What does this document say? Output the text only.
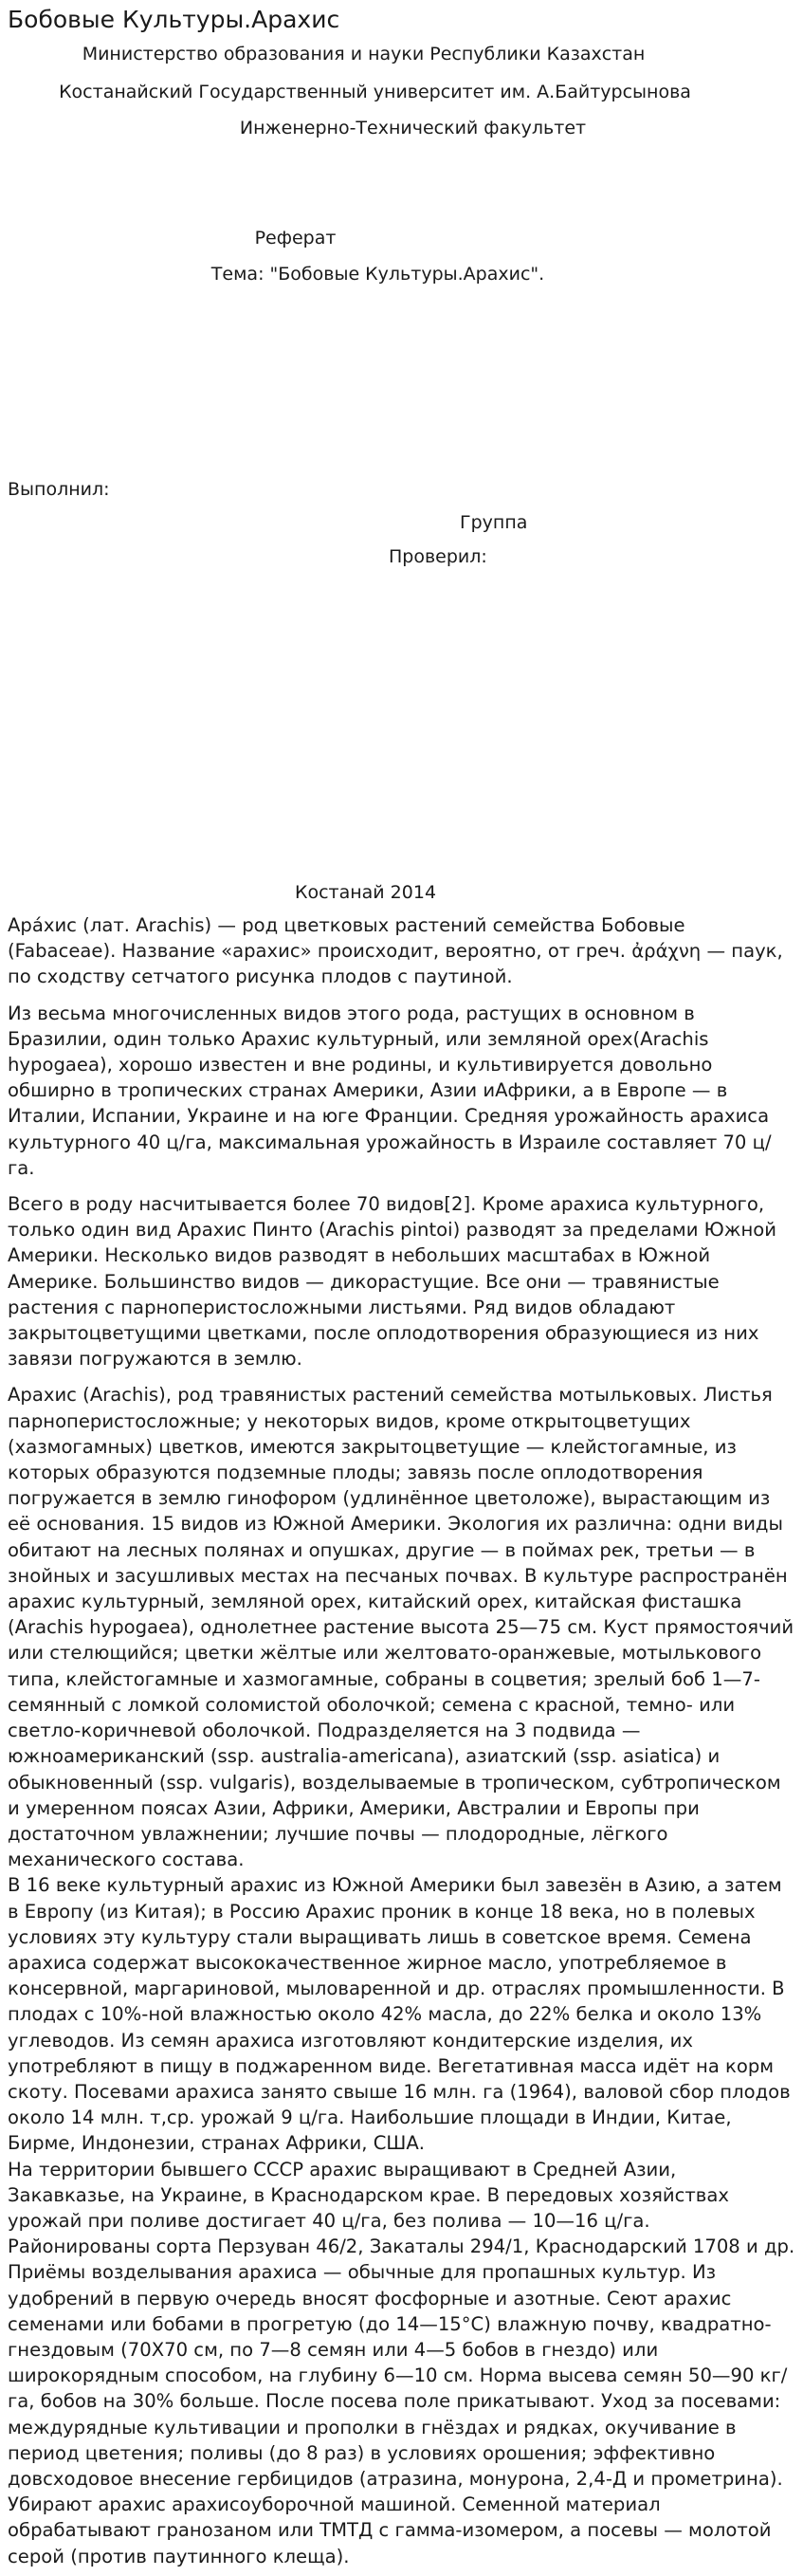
Бобовые Культуры.Арахис

Министерство образования и науки Республики Казахстан

Костанайский Государственный университет им. А.Байтурсынова

Инженерно-Технический факультет

Реферат

Тема: "Бобовые Культуры.Арахис".

Выполнил:

Группа

Проверил:

Костанай 2014

Ара́хис (лат. Arachis) — род цветковых растений семейства Бобовые (Fabaceae). Название «арахис» происходит, вероятно, от греч. ἀράχνη — паук, по сходству сетчатого рисунка плодов с паутиной.

Из весьма многочисленных видов этого рода, растущих в основном в Бразилии, один только Арахис культурный, или земляной орех(Arachis hypogaea), хорошо известен и вне родины, и культивируется довольно обширно в тропических странах Америки, Азии иАфрики, а в Европе — в Италии, Испании, Украине и на юге Франции. Средняя урожайность арахиса культурного 40 ц/га, максимальная урожайность в Израиле составляет 70 ц/га.

Всего в роду насчитывается более 70 видов[2]. Кроме арахиса культурного, только один вид Арахис Пинто (Arachis pintoi) разводят за пределами Южной Америки. Несколько видов разводят в небольших масштабах в Южной Америке. Большинство видов — дикорастущие. Все они — травянистые растения с парноперистосложными листьями. Ряд видов обладают закрытоцветущими цветками, после оплодотворения образующиеся из них завязи погружаются в землю.

Арахис (Arachis), род травянистых растений семейства мотыльковых. Листья парноперистосложные; у некоторых видов, кроме открытоцветущих (хазмогамных) цветков, имеются закрытоцветущие — клейстогамные, из которых образуются подземные плоды; завязь после оплодотворения погружается в землю гинофором (удлинённое цветоложе), вырастающим из её основания. 15 видов из Южной Америки. Экология их различна: одни виды обитают на лесных полянах и опушках, другие — в поймах рек, третьи — в знойных и засушливых местах на песчаных почвах. В культуре распространён арахис культурный, земляной орех, китайский орех, китайская фисташка (Arachis hypogaea), однолетнее растение высота 25—75 см. Куст прямостоячий или стелющийся; цветки жёлтые или желтовато-оранжевые, мотылькового типа, клейстогамные и хазмогамные, собраны в соцветия; зрелый боб 1—7-семянный с ломкой соломистой оболочкой; семена с красной, темно- или светло-коричневой оболочкой. Подразделяется на 3 подвида — южноамериканский (ssp. australia-americana), азиатский (ssp. asiatica) и обыкновенный (ssp. vulgaris), возделываемые в тропическом, субтропическом и умеренном поясах Азии, Африки, Америки, Австралии и Европы при достаточном увлажнении; лучшие почвы — плодородные, лёгкого механического состава.

В 16 веке культурный арахис из Южной Америки был завезён в Азию, а затем в Европу (из Китая); в Россию Арахис проник в конце 18 века, но в полевых условиях эту культуру стали выращивать лишь в советское время. Семена арахиса содержат высококачественное жирное масло, употребляемое в консервной, маргариновой, мыловаренной и др. отраслях промышленности. В плодах с 10%-ной влажностью около 42% масла, до 22% белка и около 13% углеводов. Из семян арахиса изготовляют кондитерские изделия, их употребляют в пищу в поджаренном виде. Вегетативная масса идёт на корм скоту. Посевами арахиса занято свыше 16 млн. га (1964), валовой сбор плодов около 14 млн. т,ср. урожай 9 ц/га. Наибольшие площади в Индии, Китае, Бирме, Индонезии, странах Африки, США.

На территории бывшего СССР арахис выращивают в Средней Азии, Закавказье, на Украине, в Краснодарском крае. В передовых хозяйствах урожай при поливе достигает 40 ц/га, без полива — 10—16 ц/га. Районированы сорта Перзуван 46/2, Закаталы 294/1, Краснодарский 1708 и др. Приёмы возделывания арахиса — обычные для пропашных культур. Из удобрений в первую очередь вносят фосфорные и азотные. Сеют арахис семенами или бобами в прогретую (до 14—15°C) влажную почву, квадратно-гнездовым (70Х70 см, по 7—8 семян или 4—5 бобов в гнездо) или широкорядным способом, на глубину 6—10 см. Норма высева семян 50—90 кг/га, бобов на 30% больше. После посева поле прикатывают. Уход за посевами: междурядные культивации и прополки в гнёздах и рядках, окучивание в период цветения; поливы (до 8 раз) в условиях орошения; эффективно довсходовое внесение гербицидов (атразина, монурона, 2,4-Д и прометрина). Убирают арахис арахисоуборочной машиной. Семенной материал обрабатывают гранозаном или ТМТД с гамма-изомером, а посевы — молотой серой (против паутинного клеща).
